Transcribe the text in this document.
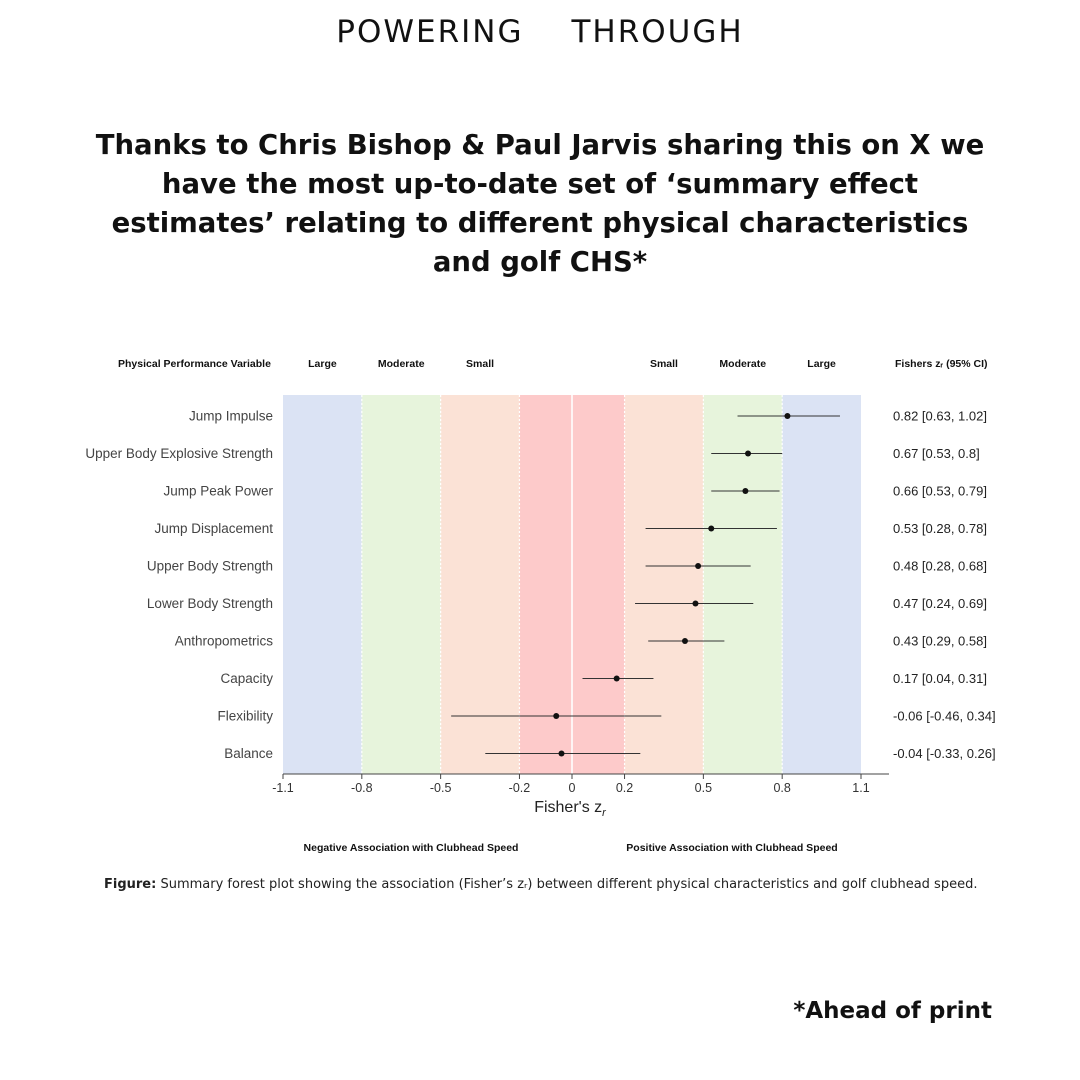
POWERING THROUGH
Thanks to Chris Bishop & Paul Jarvis sharing this on X we have the most up-to-date set of ‘summary effect estimates’ relating to different physical characteristics and golf CHS*
Physical Performance Variable	Fishers zᵣ (95% CI)
Large	Moderate	Small	Small	Moderate	Large
-1.1	-0.8	-0.5	-0.2	0	0.2	0.5	0.8	1.1
Fisher's $z_r$
Jump Impulse	0.82 [0.63, 1.02]
Upper Body Explosive Strength	0.67 [0.53, 0.8]
Jump Peak Power	0.66 [0.53, 0.79]
Jump Displacement	0.53 [0.28, 0.78]
Upper Body Strength	0.48 [0.28, 0.68]
Lower Body Strength	0.47 [0.24, 0.69]
Anthropometrics	0.43 [0.29, 0.58]
Capacity	0.17 [0.04, 0.31]
Flexibility	-0.06 [-0.46, 0.34]
Balance	-0.04 [-0.33, 0.26]
Negative Association with Clubhead Speed	Positive Association with Clubhead Speed
Figure: Summary forest plot showing the association (Fisher’s zᵣ) between different physical characteristics and golf clubhead speed.
*Ahead of print
